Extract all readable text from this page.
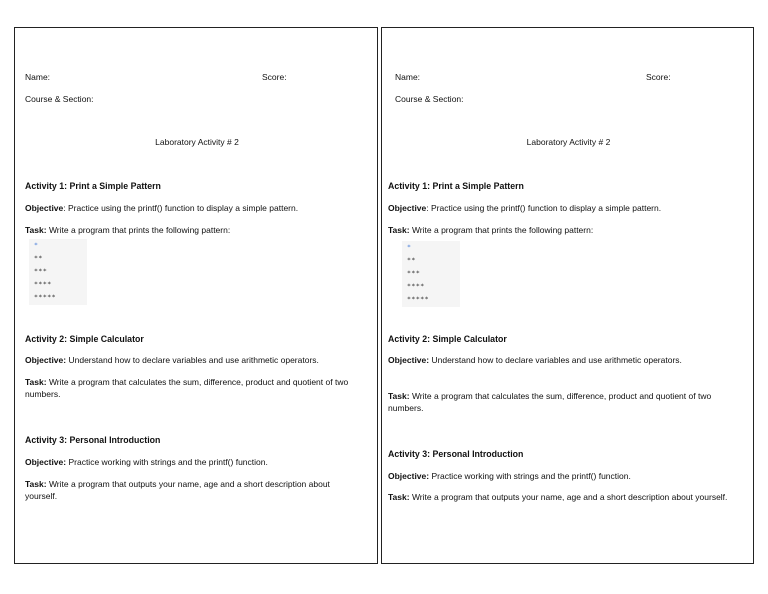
Name:	Score:
Course & Section:
Laboratory Activity # 2
Activity 1: Print a Simple Pattern
Objective: Practice using the printf() function to display a simple pattern.
Task: Write a program that prints the following pattern:
*
**
***
****
*****
Activity 2: Simple Calculator
Objective: Understand how to declare variables and use arithmetic operators.
Task: Write a program that calculates the sum, difference, product and quotient of two numbers.
Activity 3: Personal Introduction
Objective: Practice working with strings and the printf() function.
Task: Write a program that outputs your name, age and a short description about yourself.
Name:	Score:
Course & Section:
Laboratory Activity # 2
Activity 1: Print a Simple Pattern
Objective: Practice using the printf() function to display a simple pattern.
Task: Write a program that prints the following pattern:
*
**
***
****
*****
Activity 2: Simple Calculator
Objective: Understand how to declare variables and use arithmetic operators.
Task: Write a program that calculates the sum, difference, product and quotient of two numbers.
Activity 3: Personal Introduction
Objective: Practice working with strings and the printf() function.
Task: Write a program that outputs your name, age and a short description about yourself.
